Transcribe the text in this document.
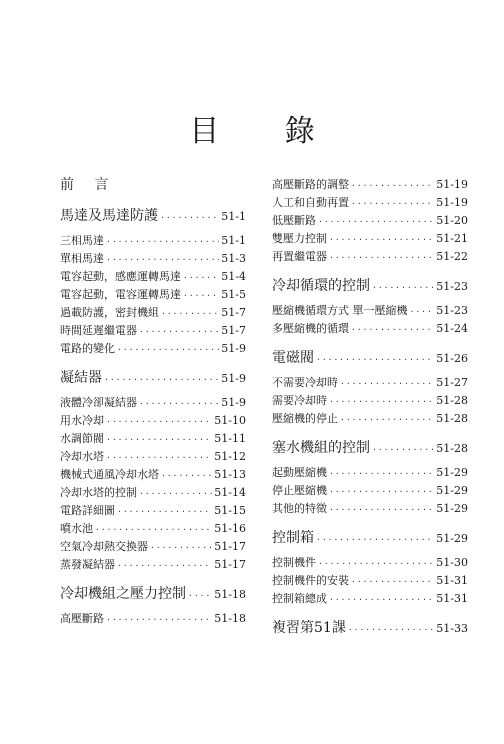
目 錄
前 言
馬達及馬達防護 ·····	51-1
三相馬達 ·····	51-1
單相馬達 ·····	51-3
電容起動，感應運轉馬達 ·····	51-4
電容起動，電容運轉馬達 ·····	51-5
過載防護，密封機組 ·····	51-7
時間延遲繼電器 ·····	51-7
電路的變化 ·····	51-9
凝結器 ·····	51-9
液體冷卻凝結器 ·····	51-9
用水冷却 ·····	51-10
水調節閥 ·····	51-11
冷却水塔 ·····	51-12
機械式通風冷却水塔 ·····	51-13
冷却水塔的控制 ·····	51-14
電路詳細圖 ·····	51-15
噴水池 ·····	51-16
空氣冷却熱交換器 ·····	51-17
蒸發凝結器 ·····	51-17
冷却機組之壓力控制 ·····	51-18
高壓斷路 ·····	51-18
高壓斷路的調整 ·····	51-19
人工和自動再置 ·····	51-19
低壓斷路 ·····	51-20
雙壓力控制 ·····	51-21
再置繼電器 ·····	51-22
冷却循環的控制 ·····	51-23
壓縮機循環方式 單一壓縮機 ·····	51-23
多壓縮機的循環 ·····	51-24
電磁閥 ·····	51-26
不需要冷却時 ·····	51-27
需要冷却時 ·····	51-28
壓縮機的停止 ·····	51-28
塞水機組的控制 ·····	51-28
起動壓縮機 ·····	51-29
停止壓縮機 ·····	51-29
其他的特徵 ·····	51-29
控制箱 ·····	51-29
控制機件 ·····	51-30
控制機件的安裝 ·····	51-31
控制箱總成 ·····	51-31
複習第51課 ·····	51-33
